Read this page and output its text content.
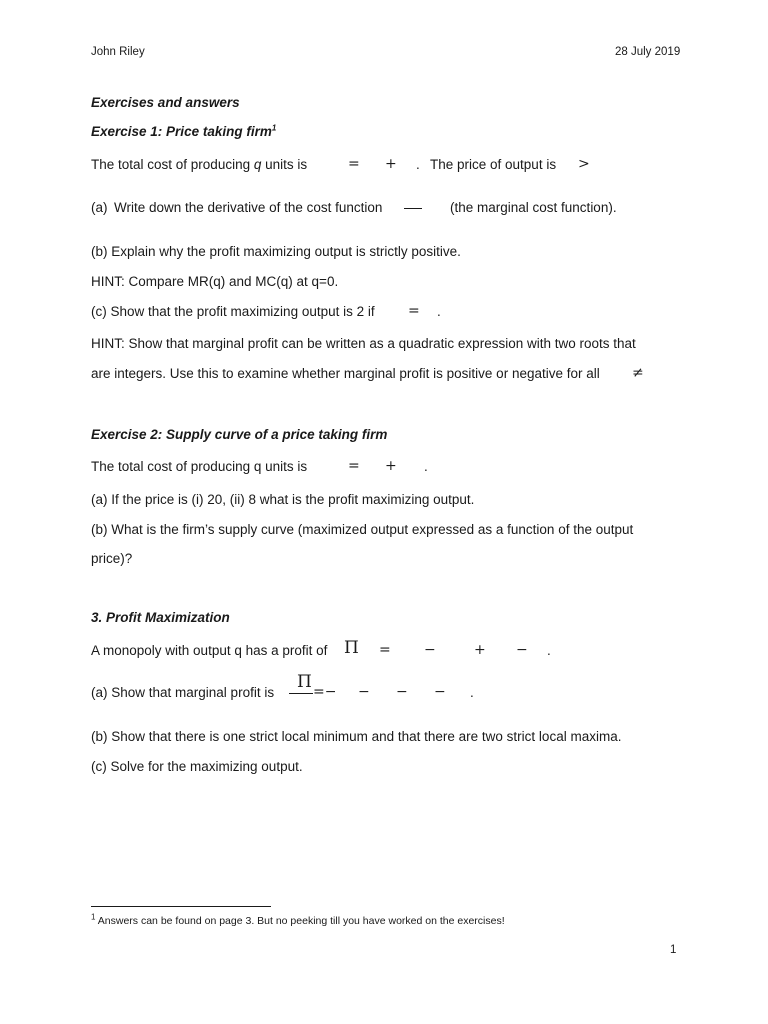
John Riley	28 July 2019
Exercises and answers
Exercise 1: Price taking firm$^1$
The total cost of producing q units is	= + . The price of output is >
(a) Write down the derivative of the cost function	(the marginal cost function).
(b) Explain why the profit maximizing output is strictly positive.
HINT: Compare MR(q) and MC(q) at q=0.
(c) Show that the profit maximizing output is 2 if = .
HINT: Show that marginal profit can be written as a quadratic expression with two roots that
are integers. Use this to examine whether marginal profit is positive or negative for all ≠
Exercise 2: Supply curve of a price taking firm
The total cost of producing q units is	= + .
(a) If the price is (i) 20, (ii) 8 what is the profit maximizing output.
(b) What is the firm’s supply curve (maximized output expressed as a function of the output
price)?
3. Profit Maximization
A monopoly with output q has a profit of Π = −	+ − .
(a) Show that marginal profit is
Π =− − − − .
(b) Show that there is one strict local minimum and that there are two strict local maxima.
(c) Solve for the maximizing output.
$^1$ Answers can be found on page 3. But no peeking till you have worked on the exercises!
1
